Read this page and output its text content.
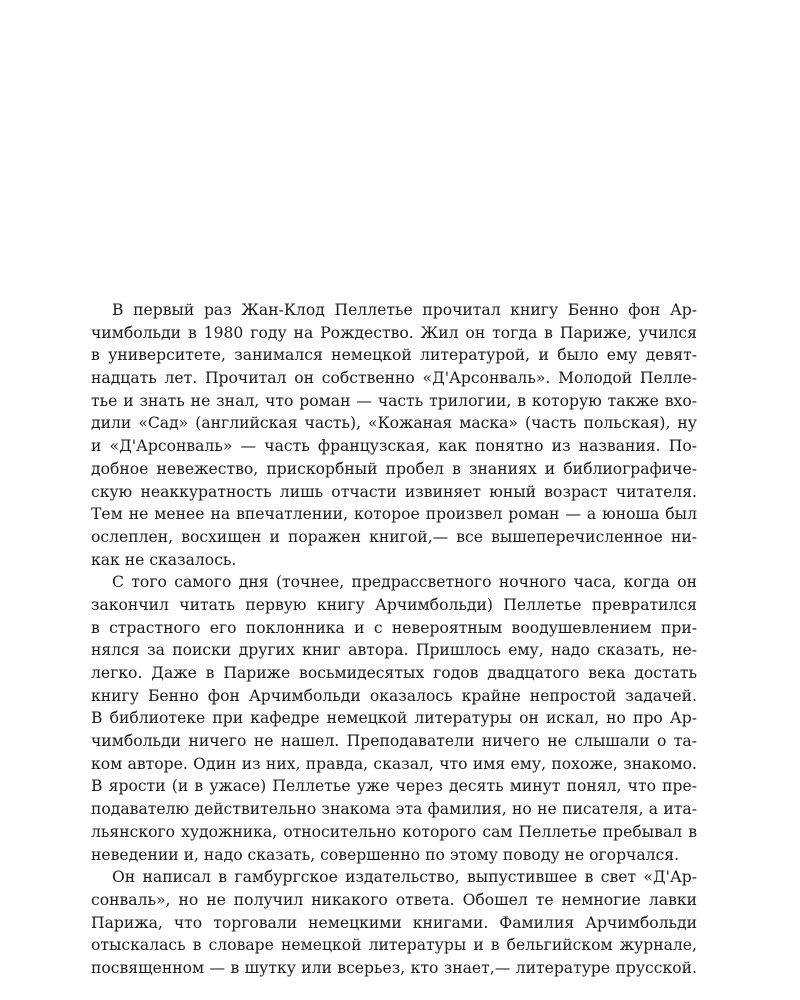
В первый раз Жан-Клод Пеллетье прочитал книгу Бенно фон Ар-
чимбольди в 1980 году на Рождество. Жил он тогда в Париже, учился
в университете, занимался немецкой литературой, и было ему девят-
надцать лет. Прочитал он собственно «Д'Арсонваль». Молодой Пелле-
тье и знать не знал, что роман — часть трилогии, в которую также вхо-
дили «Сад» (английская часть), «Кожаная маска» (часть польская), ну
и «Д'Арсонваль» — часть французская, как понятно из названия. По-
добное невежество, прискорбный пробел в знаниях и библиографиче-
скую неаккуратность лишь отчасти извиняет юный возраст читателя.
Тем не менее на впечатлении, которое произвел роман — а юноша был
ослеплен, восхищен и поражен книгой,— все вышеперечисленное ни-
как не сказалось.
С того самого дня (точнее, предрассветного ночного часа, когда он
закончил читать первую книгу Арчимбольди) Пеллетье превратился
в страстного его поклонника и с невероятным воодушевлением при-
нялся за поиски других книг автора. Пришлось ему, надо сказать, не-
легко. Даже в Париже восьмидесятых годов двадцатого века достать
книгу Бенно фон Арчимбольди оказалось крайне непростой задачей.
В библиотеке при кафедре немецкой литературы он искал, но про Ар-
чимбольди ничего не нашел. Преподаватели ничего не слышали о та-
ком авторе. Один из них, правда, сказал, что имя ему, похоже, знакомо.
В ярости (и в ужасе) Пеллетье уже через десять минут понял, что пре-
подавателю действительно знакома эта фамилия, но не писателя, а ита-
льянского художника, относительно которого сам Пеллетье пребывал в
неведении и, надо сказать, совершенно по этому поводу не огорчался.
Он написал в гамбургское издательство, выпустившее в свет «Д'Ар-
сонваль», но не получил никакого ответа. Обошел те немногие лавки
Парижа, что торговали немецкими книгами. Фамилия Арчимбольди
отыскалась в словаре немецкой литературы и в бельгийском журнале,
посвященном — в шутку или всерьез, кто знает,— литературе прусской.
